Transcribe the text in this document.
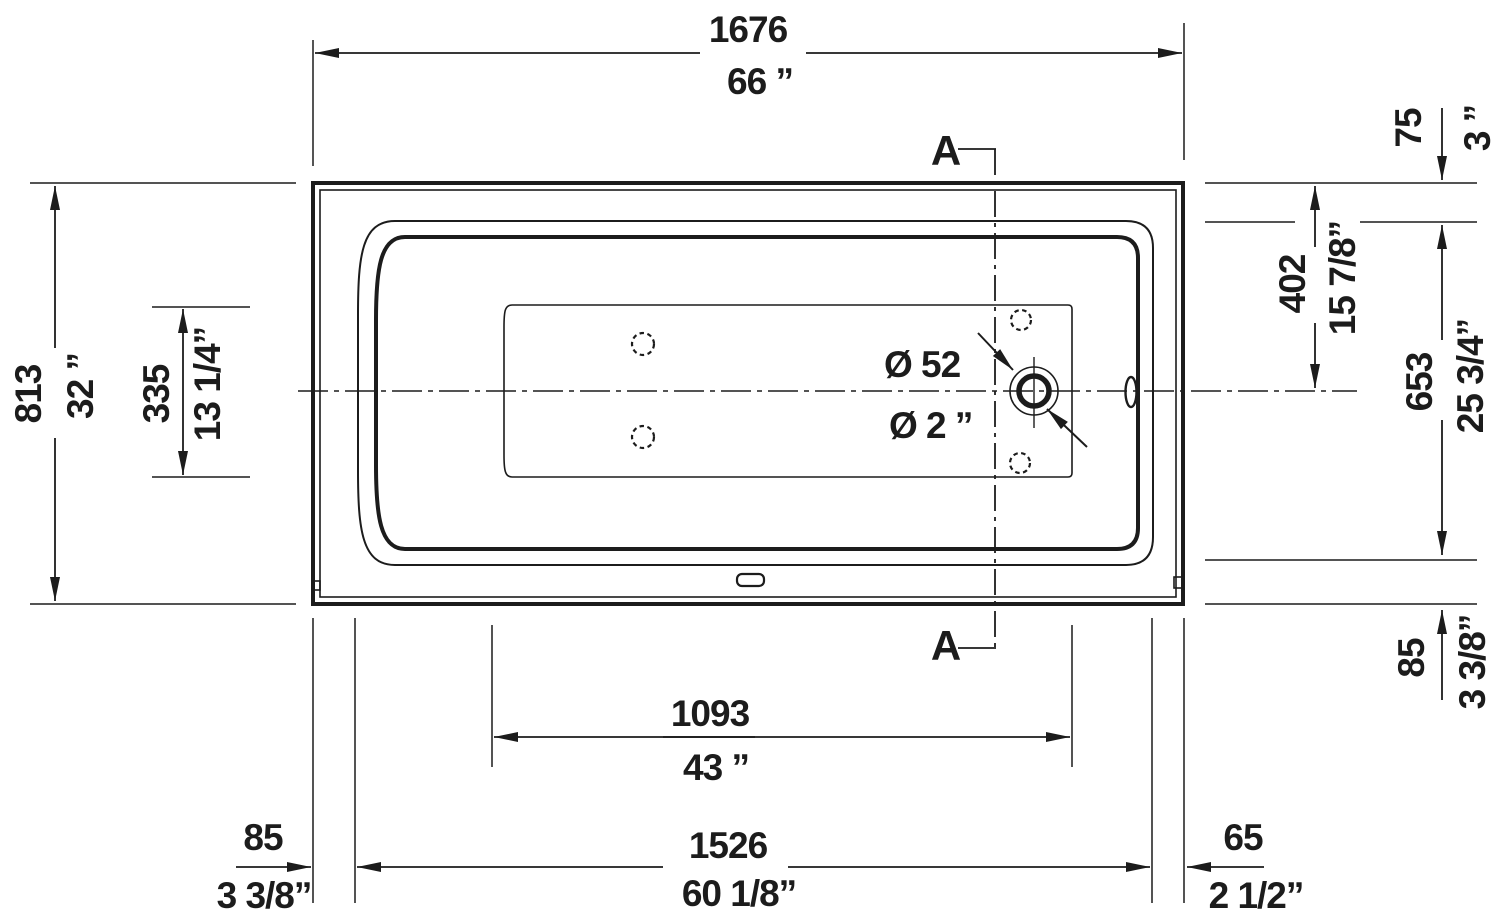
1676
66 ”
813 32 ” 335 13 1/4”
75 3 ”
402 15 7/8”
653 25 3/4”
85 3 3/8”
1093
43 ”
85
3 3/8”
1526
60 1/8”
65
2 1/2”
Ø 52
Ø 2 ”
A
A
